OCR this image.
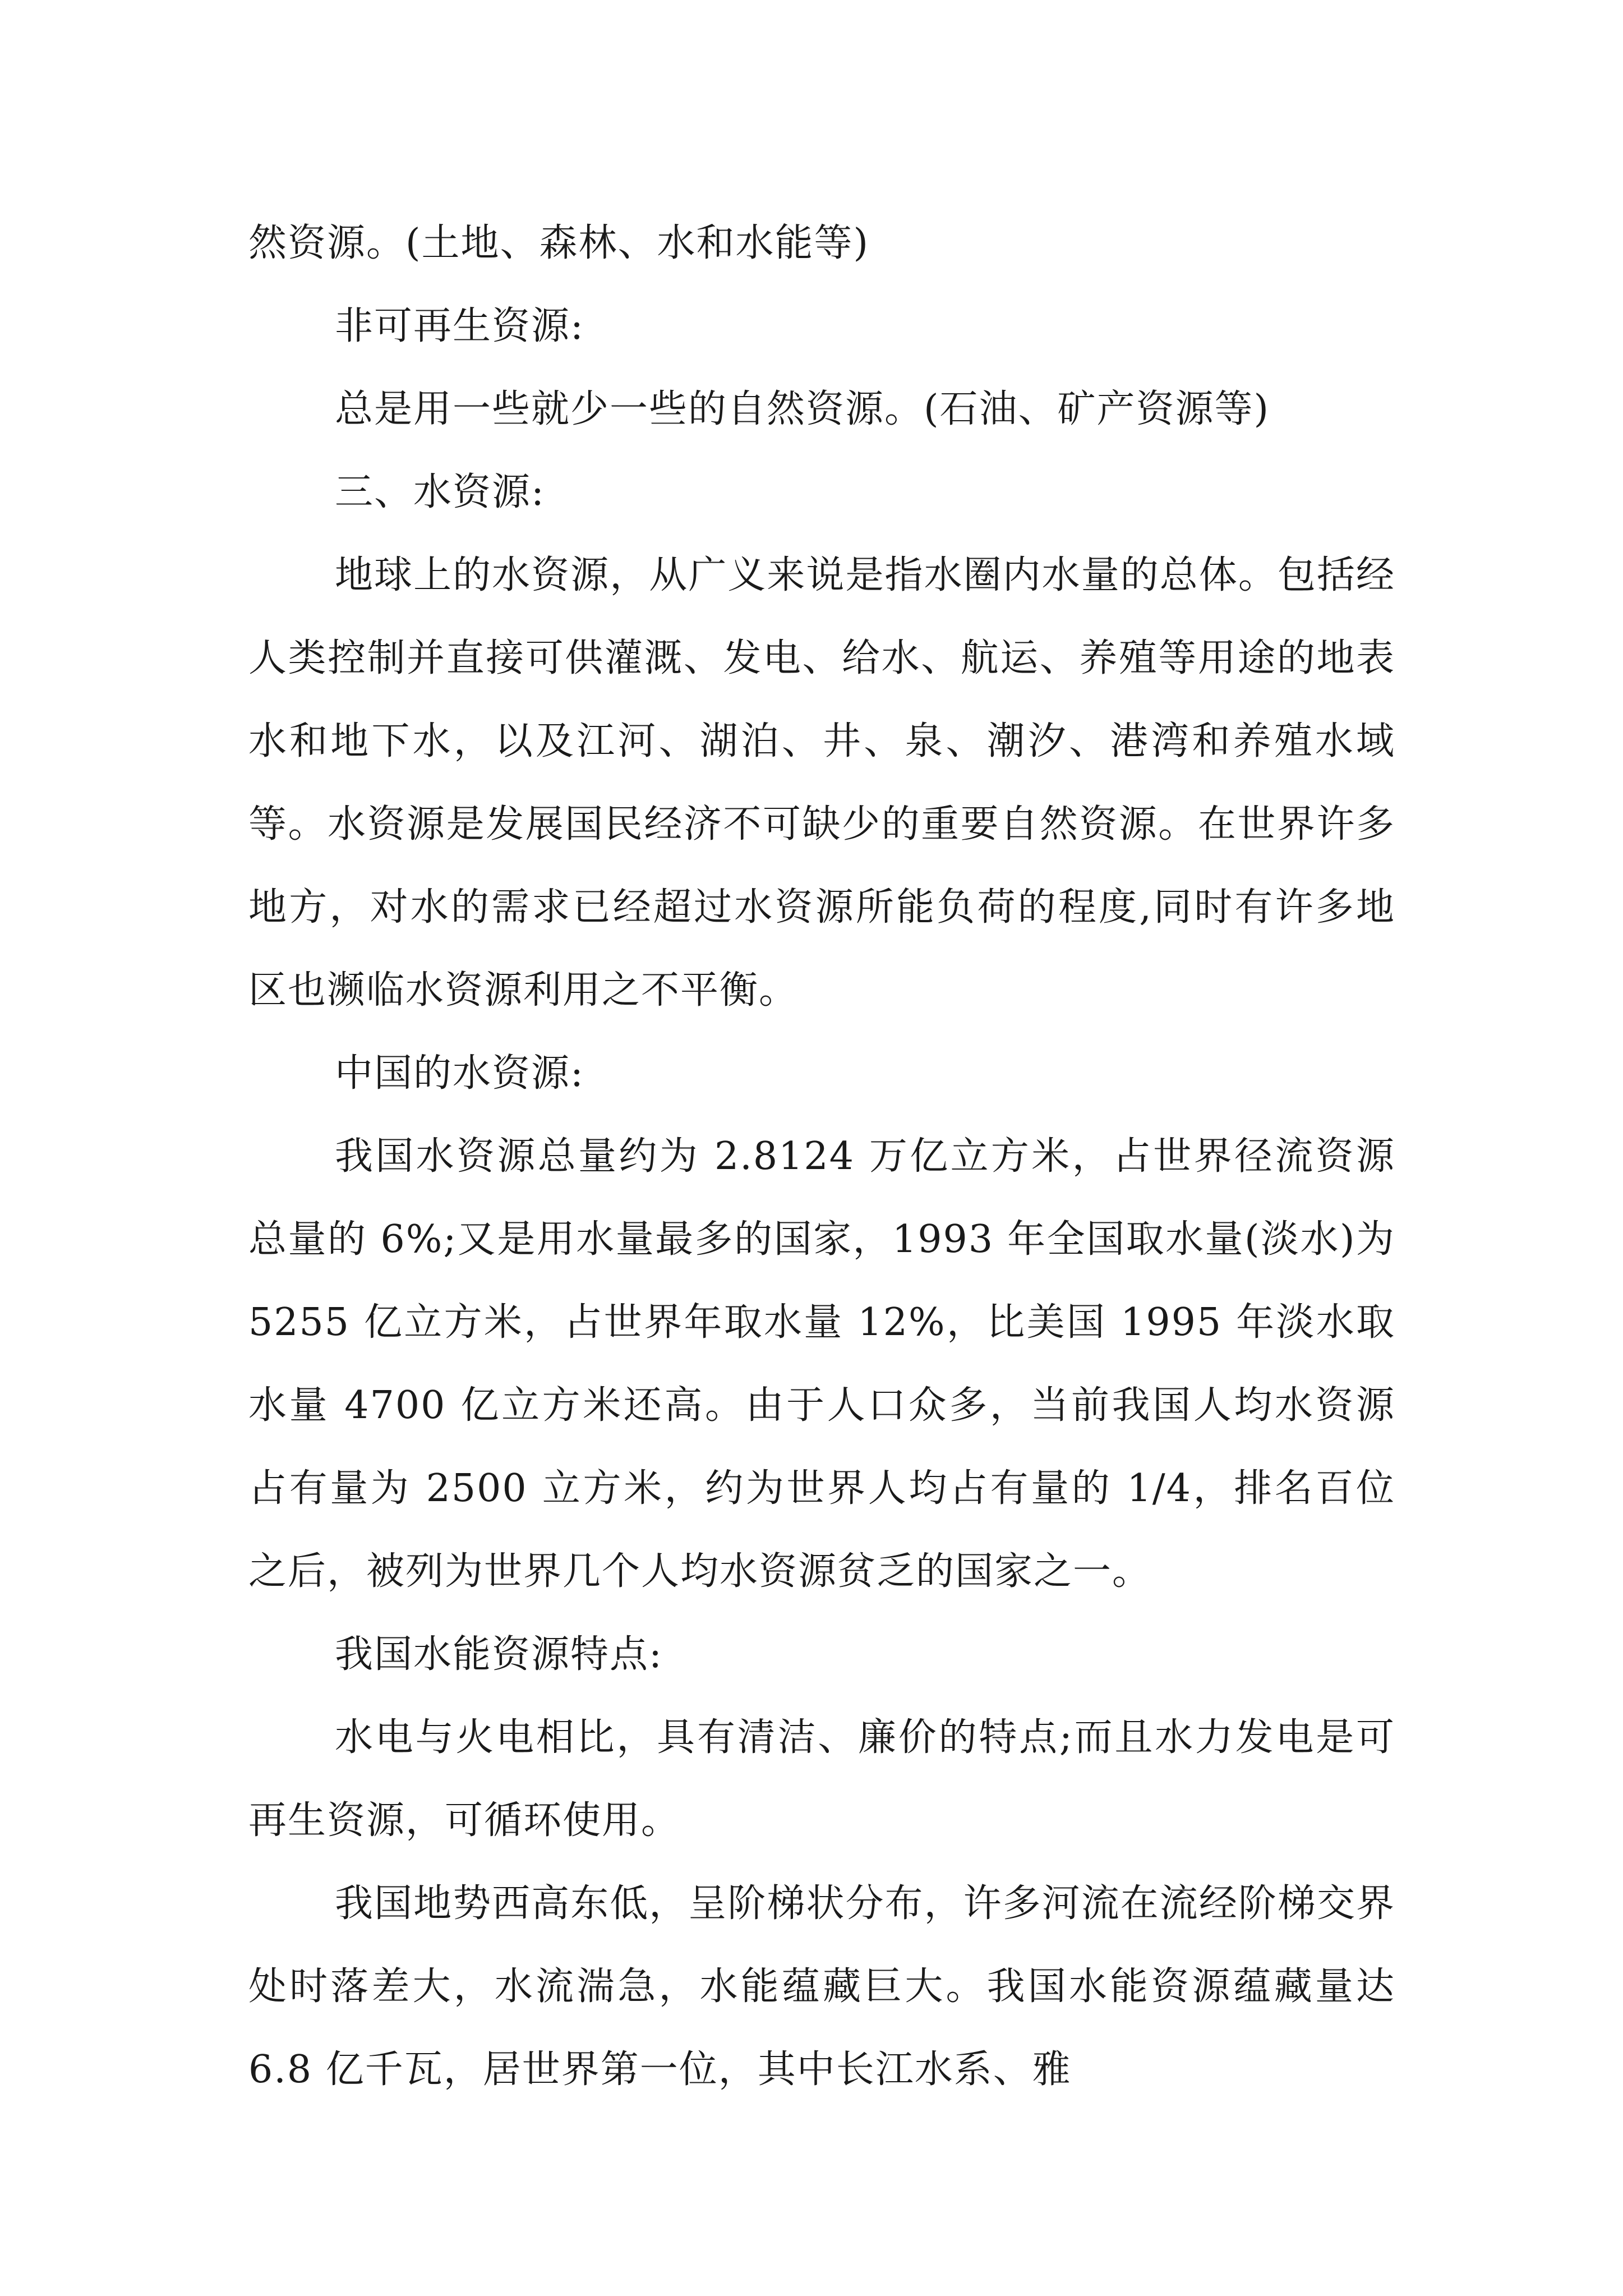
然资源。(土地、森林、水和水能等)

非可再生资源:

总是用一些就少一些的自然资源。(石油、矿产资源等)

三、水资源:

地球上的水资源，从广义来说是指水圈内水量的总体。包括经人类控制并直接可供灌溉、发电、给水、航运、养殖等用途的地表水和地下水，以及江河、湖泊、井、泉、潮汐、港湾和养殖水域等。水资源是发展国民经济不可缺少的重要自然资源。在世界许多地方，对水的需求已经超过水资源所能负荷的程度,同时有许多地区也濒临水资源利用之不平衡。

中国的水资源:

我国水资源总量约为 2.8124 万亿立方米，占世界径流资源总量的 6%;又是用水量最多的国家，1993 年全国取水量(淡水)为 5255 亿立方米，占世界年取水量 12%，比美国 1995 年淡水取水量 4700 亿立方米还高。由于人口众多，当前我国人均水资源占有量为 2500 立方米，约为世界人均占有量的 1/4，排名百位之后，被列为世界几个人均水资源贫乏的国家之一。

我国水能资源特点:

水电与火电相比，具有清洁、廉价的特点;而且水力发电是可再生资源，可循环使用。

我国地势西高东低，呈阶梯状分布，许多河流在流经阶梯交界处时落差大，水流湍急，水能蕴藏巨大。我国水能资源蕴藏量达 6.8 亿千瓦，居世界第一位，其中长江水系、雅
